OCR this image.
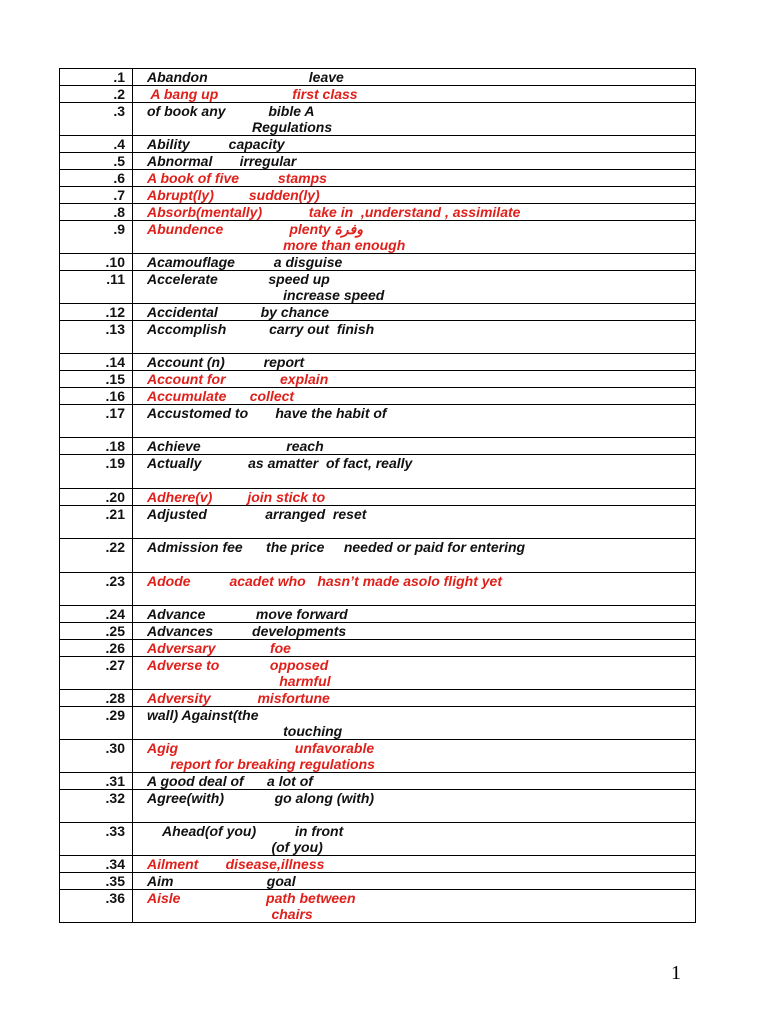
.1	Abandon                          leave

.2	A bang up                   first class

.3	of book any           bible A
Regulations

.4	Ability          capacity

.5	Abnormal       irregular

.6	A book of five          stamps

.7	Abrupt(ly)         sudden(ly)

.8	Absorb(mentally)            take in  ,understand , assimilate

.9	Abundence                 plenty وفرة
more than enough

.10	Acamouflage          a disguise

.11	Accelerate             speed up
increase speed

.12	Accidental           by chance

.13	Accomplish           carry out  finish

.14	Account (n)          report

.15	Account for              explain

.16	Accumulate      collect

.17	Accustomed to       have the habit of

.18	Achieve                      reach

.19	Actually            as amatter  of fact, really

.20	Adhere(v)         join stick to

.21	Adjusted               arranged  reset

.22	Admission fee      the price     needed or paid for entering

.23	Adode          acadet who   hasn’t made asolo flight yet

.24	Advance             move forward

.25	Advances          developments

.26	Adversary              foe

.27	Adverse to             opposed
harmful

.28	Adversity            misfortune

.29	wall) Against(the
touching

.30	Agig                              unfavorable
report for breaking regulations

.31	A good deal of      a lot of

.32	Agree(with)             go along (with)

.33	Ahead(of you)          in front
(of you)

.34	Ailment       disease,illness

.35	Aim                        goal

.36	Aisle                      path between
chairs
1
